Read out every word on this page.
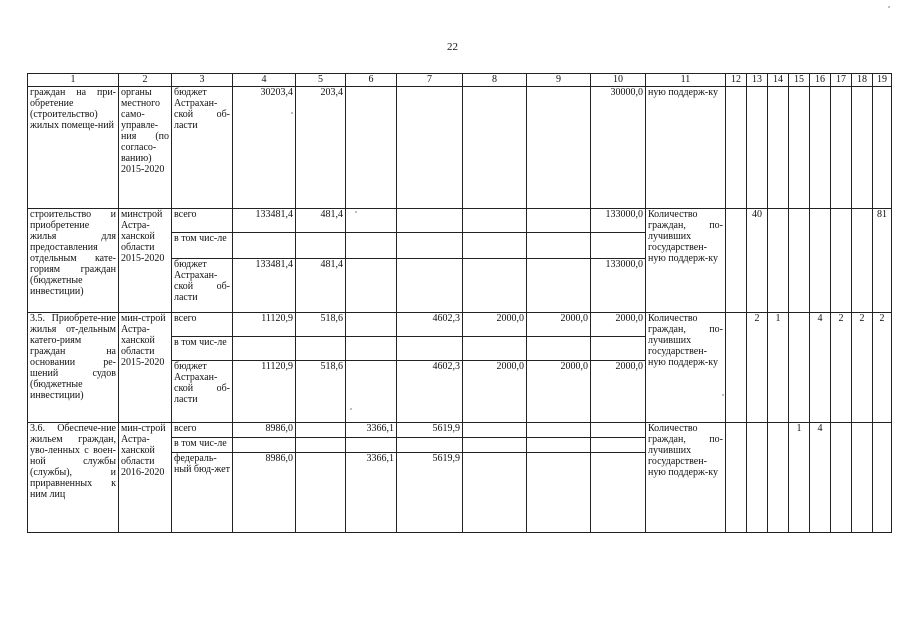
22
1	2	3	4	5	6	7	8	9	10	11	12	13	14	15	16	17	18	19
граждан на при-обретение (строительство) жилых помеще-ний	органы местного само-управле-ния (по согласо-ванию) 2015-2020	бюджет Астрахан-ской об-ласти	30203,4	203,4					30000,0	ную поддерж-ку								
строительство и приобретение жилья для предоставления отдельным кате-гориям граждан (бюджетные инвестиции)	минстрой Астра-ханской области 2015-2020	всего	133481,4	481,4					133000,0	Количество граждан, по-лучивших государствен-ную поддерж-ку		40						81
		в том чис-ле																
		бюджет Астрахан-ской об-ласти	133481,4	481,4					133000,0									
3.5. Приобрете-ние жилья от-дельным катего-риям граждан на основании ре-шений судов (бюджетные инвестиции)	мин-строй Астра-ханской области 2015-2020	всего	11120,9	518,6		4602,3	2000,0	2000,0	2000,0	Количество граждан, по-лучивших государствен-ную поддерж-ку		2	1		4	2	2	2
		в том чис-ле																
		бюджет Астрахан-ской об-ласти	11120,9	518,6		4602,3	2000,0	2000,0	2000,0									
3.6. Обеспече-ние жильем граждан, уво-ленных с воен-ной службы (службы), и приравненных к ним лиц	мин-строй Астра-ханской области 2016-2020	всего	8986,0		3366,1	5619,9				Количество граждан, по-лучивших государствен-ную поддерж-ку				1	4			
		в том чис-ле																
		федераль-ный бюд-жет	8986,0		3366,1	5619,9												
